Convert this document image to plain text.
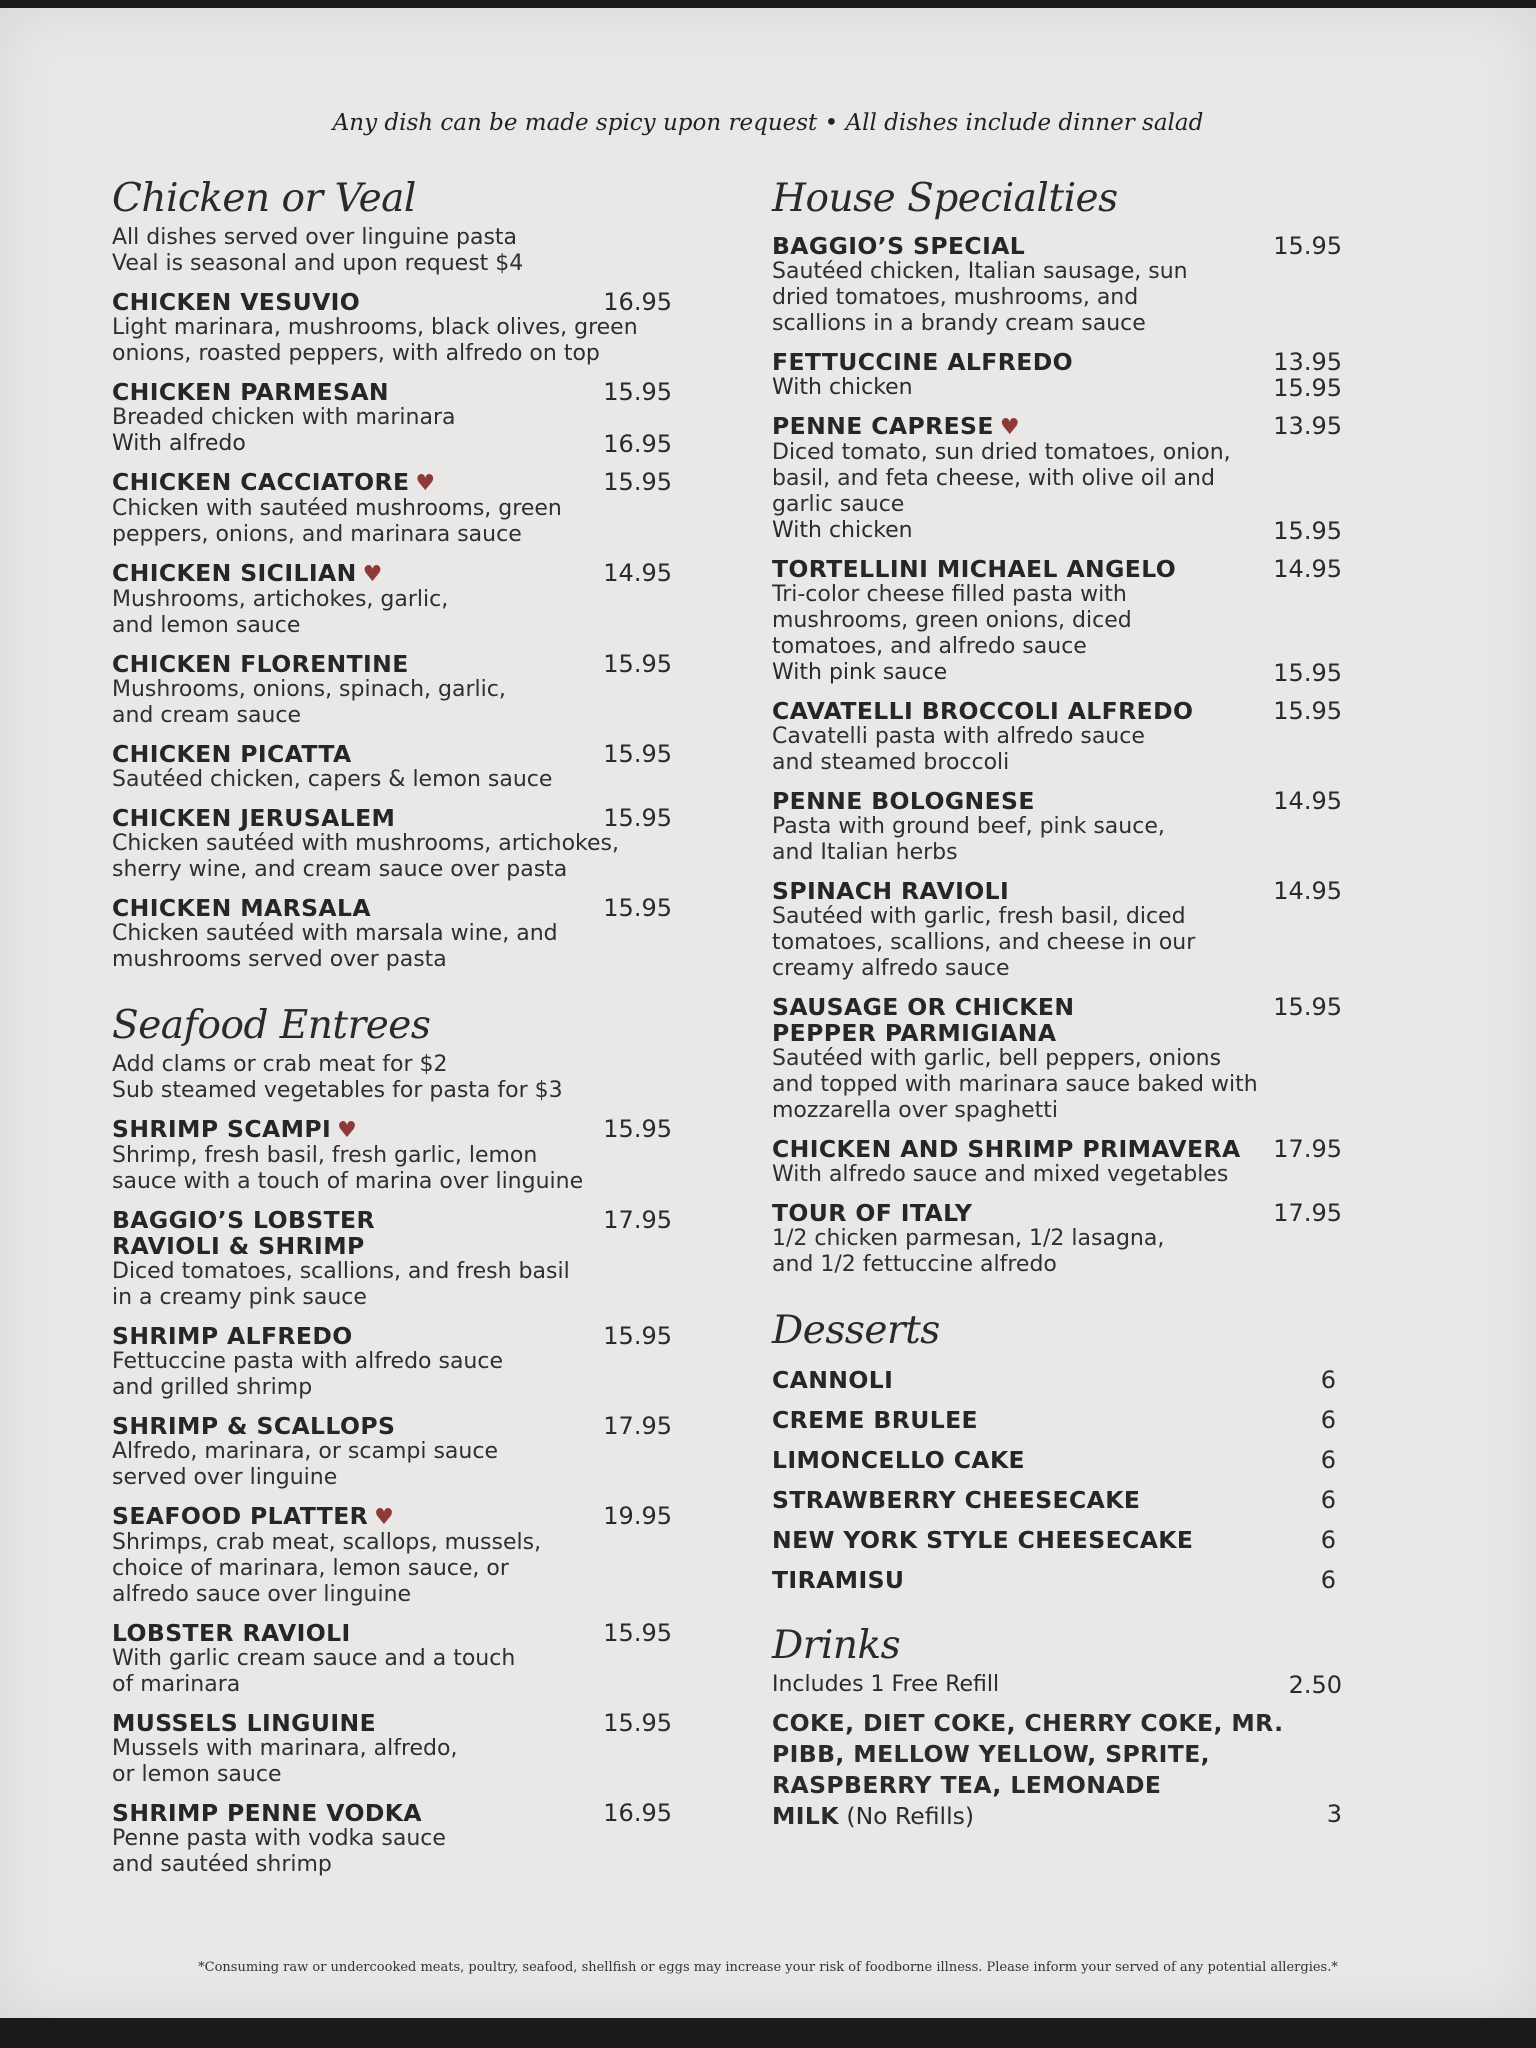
Any dish can be made spicy upon request • All dishes include dinner salad
Chicken or Veal
All dishes served over linguine pasta
Veal is seasonal and upon request $4
CHICKEN VESUVIO	16.95
Light marinara, mushrooms, black olives, green
onions, roasted peppers, with alfredo on top
CHICKEN PARMESAN	15.95
Breaded chicken with marinara
With alfredo	16.95
CHICKEN CACCIATORE ♥	15.95
Chicken with sautéed mushrooms, green
peppers, onions, and marinara sauce
CHICKEN SICILIAN ♥	14.95
Mushrooms, artichokes, garlic,
and lemon sauce
CHICKEN FLORENTINE	15.95
Mushrooms, onions, spinach, garlic,
and cream sauce
CHICKEN PICATTA	15.95
Sautéed chicken, capers & lemon sauce
CHICKEN JERUSALEM	15.95
Chicken sautéed with mushrooms, artichokes,
sherry wine, and cream sauce over pasta
CHICKEN MARSALA	15.95
Chicken sautéed with marsala wine, and
mushrooms served over pasta
Seafood Entrees
Add clams or crab meat for $2
Sub steamed vegetables for pasta for $3
SHRIMP SCAMPI ♥	15.95
Shrimp, fresh basil, fresh garlic, lemon
sauce with a touch of marina over linguine
BAGGIO’S LOBSTER
RAVIOLI & SHRIMP
17.95
Diced tomatoes, scallions, and fresh basil
in a creamy pink sauce
SHRIMP ALFREDO	15.95
Fettuccine pasta with alfredo sauce
and grilled shrimp
SHRIMP & SCALLOPS	17.95
Alfredo, marinara, or scampi sauce
served over linguine
SEAFOOD PLATTER ♥	19.95
Shrimps, crab meat, scallops, mussels,
choice of marinara, lemon sauce, or
alfredo sauce over linguine
LOBSTER RAVIOLI	15.95
With garlic cream sauce and a touch
of marinara
MUSSELS LINGUINE	15.95
Mussels with marinara, alfredo,
or lemon sauce
SHRIMP PENNE VODKA	16.95
Penne pasta with vodka sauce
and sautéed shrimp
House Specialties
BAGGIO’S SPECIAL	15.95
Sautéed chicken, Italian sausage, sun
dried tomatoes, mushrooms, and
scallions in a brandy cream sauce
FETTUCCINE ALFREDO	13.95
With chicken	15.95
PENNE CAPRESE ♥	13.95
Diced tomato, sun dried tomatoes, onion,
basil, and feta cheese, with olive oil and
garlic sauce
With chicken	15.95
TORTELLINI MICHAEL ANGELO	14.95
Tri-color cheese filled pasta with
mushrooms, green onions, diced
tomatoes, and alfredo sauce
With pink sauce	15.95
CAVATELLI BROCCOLI ALFREDO	15.95
Cavatelli pasta with alfredo sauce
and steamed broccoli
PENNE BOLOGNESE	14.95
Pasta with ground beef, pink sauce,
and Italian herbs
SPINACH RAVIOLI	14.95
Sautéed with garlic, fresh basil, diced
tomatoes, scallions, and cheese in our
creamy alfredo sauce
SAUSAGE OR CHICKEN
PEPPER PARMIGIANA
15.95
Sautéed with garlic, bell peppers, onions
and topped with marinara sauce baked with
mozzarella over spaghetti
CHICKEN AND SHRIMP PRIMAVERA	17.95
With alfredo sauce and mixed vegetables
TOUR OF ITALY	17.95
1/2 chicken parmesan, 1/2 lasagna,
and 1/2 fettuccine alfredo
Desserts
CANNOLI	6
CREME BRULEE	6
LIMONCELLO CAKE	6
STRAWBERRY CHEESECAKE	6
NEW YORK STYLE CHEESECAKE	6
TIRAMISU	6
Drinks
Includes 1 Free Refill	2.50
COKE, DIET COKE, CHERRY COKE, MR. PIBB, MELLOW YELLOW, SPRITE, RASPBERRY TEA, LEMONADE
MILK (No Refills)	3
*Consuming raw or undercooked meats, poultry, seafood, shellfish or eggs may increase your risk of foodborne illness. Please inform your served of any potential allergies.*
